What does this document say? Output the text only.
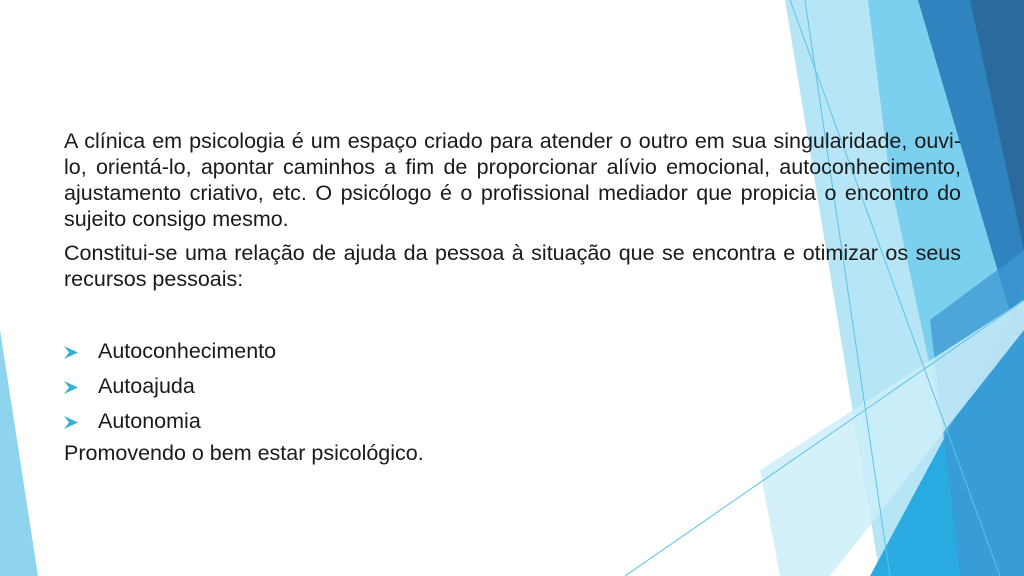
A clínica em psicologia é um espaço criado para atender o outro em sua singularidade, ouvi-lo, orientá-lo, apontar caminhos a fim de proporcionar alívio emocional, autoconhecimento, ajustamento criativo, etc. O psicólogo é o profissional mediador que propicia o encontro do sujeito consigo mesmo.

Constitui-se uma relação de ajuda da pessoa à situação que se encontra e otimizar os seus recursos pessoais:

Autoconhecimento
Autoajuda
Autonomia

Promovendo o bem estar psicológico.
